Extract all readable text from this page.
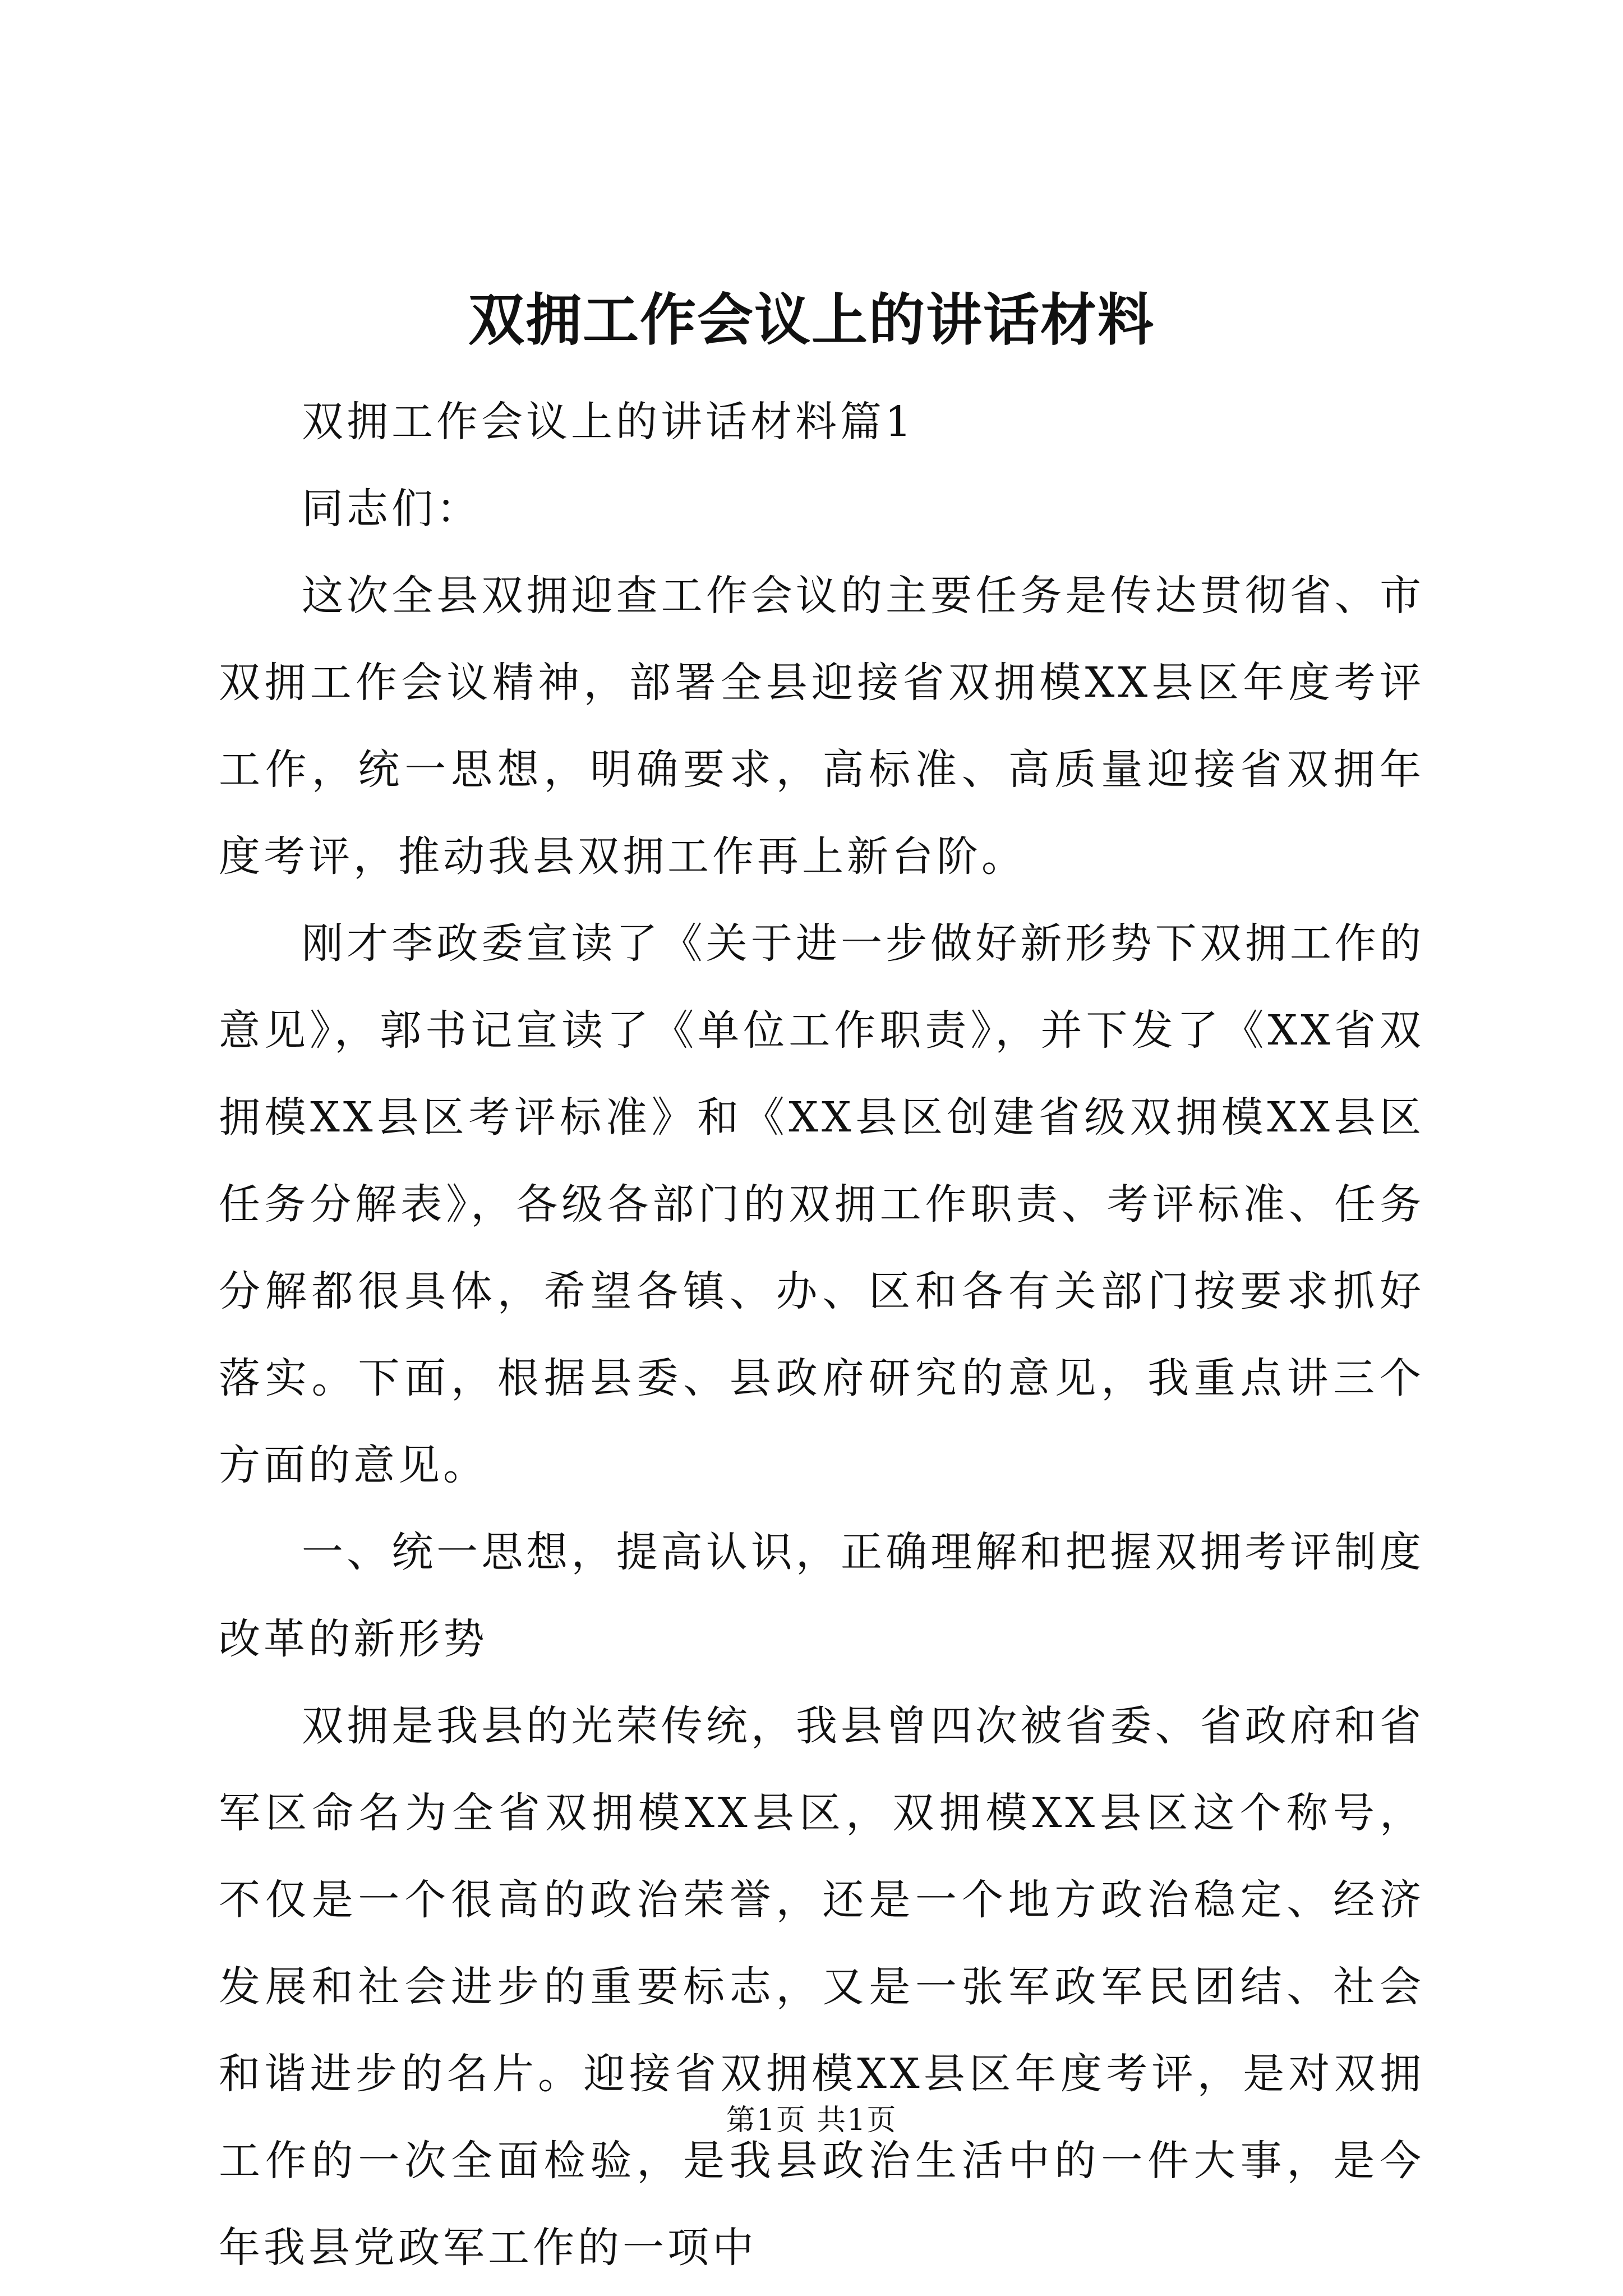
双拥工作会议上的讲话材料

双拥工作会议上的讲话材料篇1

同志们：

这次全县双拥迎查工作会议的主要任务是传达贯彻省、市双拥工作会议精神，部署全县迎接省双拥模XX县区年度考评工作，统一思想，明确要求，高标准、高质量迎接省双拥年度考评，推动我县双拥工作再上新台阶。

刚才李政委宣读了《关于进一步做好新形势下双拥工作的意见》，郭书记宣读了《单位工作职责》，并下发了《XX省双拥模XX县区考评标准》和《XX县区创建省级双拥模XX县区任务分解表》，各级各部门的双拥工作职责、考评标准、任务分解都很具体，希望各镇、办、区和各有关部门按要求抓好落实。下面，根据县委、县政府研究的意见，我重点讲三个方面的意见。

一、统一思想，提高认识，正确理解和把握双拥考评制度改革的新形势

双拥是我县的光荣传统，我县曾四次被省委、省政府和省军区命名为全省双拥模XX县区，双拥模XX县区这个称号，不仅是一个很高的政治荣誉，还是一个地方政治稳定、经济发展和社会进步的重要标志，又是一张军政军民团结、社会和谐进步的名片。迎接省双拥模XX县区年度考评，是对双拥工作的一次全面检验，是我县政治生活中的一件大事，是今年我县党政军工作的一项中

第1页 共1页
